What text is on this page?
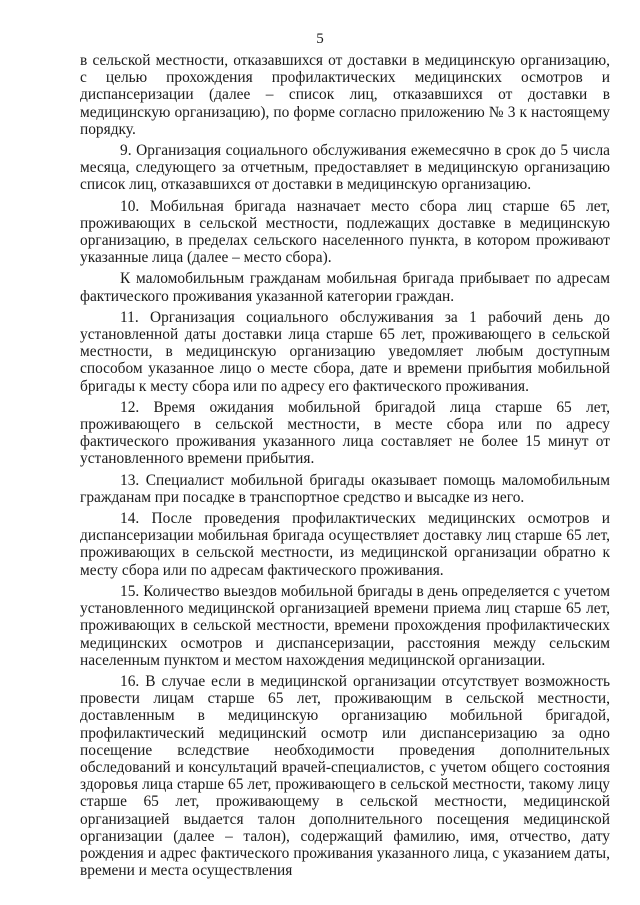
5

в сельской местности, отказавшихся от доставки в медицинскую организацию, с целью прохождения профилактических медицинских осмотров и диспансеризации (далее – список лиц, отказавшихся от доставки в медицинскую организацию), по форме согласно приложению № 3 к настоящему порядку.

9. Организация социального обслуживания ежемесячно в срок до 5 числа месяца, следующего за отчетным, предоставляет в медицинскую организацию список лиц, отказавшихся от доставки в медицинскую организацию.

10. Мобильная бригада назначает место сбора лиц старше 65 лет, проживающих в сельской местности, подлежащих доставке в медицинскую организацию, в пределах сельского населенного пункта, в котором проживают указанные лица (далее – место сбора).

К маломобильным гражданам мобильная бригада прибывает по адресам фактического проживания указанной категории граждан.

11. Организация социального обслуживания за 1 рабочий день до установленной даты доставки лица старше 65 лет, проживающего в сельской местности, в медицинскую организацию уведомляет любым доступным способом указанное лицо о месте сбора, дате и времени прибытия мобильной бригады к месту сбора или по адресу его фактического проживания.

12. Время ожидания мобильной бригадой лица старше 65 лет, проживающего в сельской местности, в месте сбора или по адресу фактического проживания указанного лица составляет не более 15 минут от установленного времени прибытия.

13. Специалист мобильной бригады оказывает помощь маломобильным гражданам при посадке в транспортное средство и высадке из него.

14. После проведения профилактических медицинских осмотров и диспансеризации мобильная бригада осуществляет доставку лиц старше 65 лет, проживающих в сельской местности, из медицинской организации обратно к месту сбора или по адресам фактического проживания.

15. Количество выездов мобильной бригады в день определяется с учетом установленного медицинской организацией времени приема лиц старше 65 лет, проживающих в сельской местности, времени прохождения профилактических медицинских осмотров и диспансеризации, расстояния между сельским населенным пунктом и местом нахождения медицинской организации.

16. В случае если в медицинской организации отсутствует возможность провести лицам старше 65 лет, проживающим в сельской местности, доставленным в медицинскую организацию мобильной бригадой, профилактический медицинский осмотр или диспансеризацию за одно посещение вследствие необходимости проведения дополнительных обследований и консультаций врачей-специалистов, с учетом общего состояния здоровья лица старше 65 лет, проживающего в сельской местности, такому лицу старше 65 лет, проживающему в сельской местности, медицинской организацией выдается талон дополнительного посещения медицинской организации (далее – талон), содержащий фамилию, имя, отчество, дату рождения и адрес фактического проживания указанного лица, с указанием даты, времени и места осуществления
